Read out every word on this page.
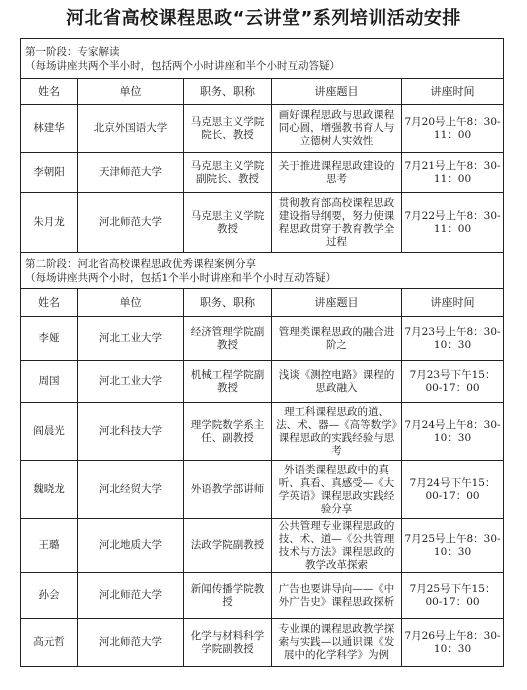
河北省高校课程思政“云讲堂”系列培训活动安排
第一阶段：专家解读
（每场讲座共两个半小时，包括两个小时讲座和半个小时互动答疑）				

姓名	单位	职务、职称	讲座题目	讲座时间
林建华	北京外国语大学	马克思主义学院院长、教授	画好课程思政与思政课程同心圆，增强教书育人与立德树人实效性	7月20号上午8：30-11：00
李朝阳	天津师范大学	马克思主义学院副院长、教授	关于推进课程思政建设的思考	7月21号上午8：30-11：00
朱月龙	河北师范大学	马克思主义学院教授	贯彻教育部高校课程思政建设指导纲要，努力使课程思政贯穿于教育教学全过程	7月22号上午8：30-11：00

第二阶段：河北省高校课程思政优秀课程案例分享
（每场讲座共两个小时，包括1个半小时讲座和半个小时互动答疑）				

姓名	单位	职务、职称	讲座题目	讲座时间
李娅	河北工业大学	经济管理学院副教授	管理类课程思政的融合进阶之	7月23号上午8：30-10：30
周国	河北工业大学	机械工程学院副教授	浅谈《测控电路》课程的思政融入	7月23号下午15：00-17：00
阎晨光	河北科技大学	理学院数学系主任、副教授	理工科课程思政的道、法、术、器—《高等数学》课程思政的实践经验与思考	7月24号上午8：30-10：30
魏晓龙	河北经贸大学	外语教学部讲师	外语类课程思政中的真听、真看、真感受—《大学英语》课程思政实践经验分享	7月24号下午15：00-17：00
王璐	河北地质大学	法政学院副教授	公共管理专业课程思政的技、术、道—《公共管理技术与方法》课程思政的教学改革探索	7月25号上午8：30-10：30
孙会	河北师范大学	新闻传播学院教授	广告也要讲导向——《中外广告史》课程思政探析	7月25号下午15：00-17：00
高元哲	河北师范大学	化学与材料科学学院副教授	专业课的课程思政教学探索与实践—以通识课《发展中的化学科学》为例	7月26号上午8：30-10：30
